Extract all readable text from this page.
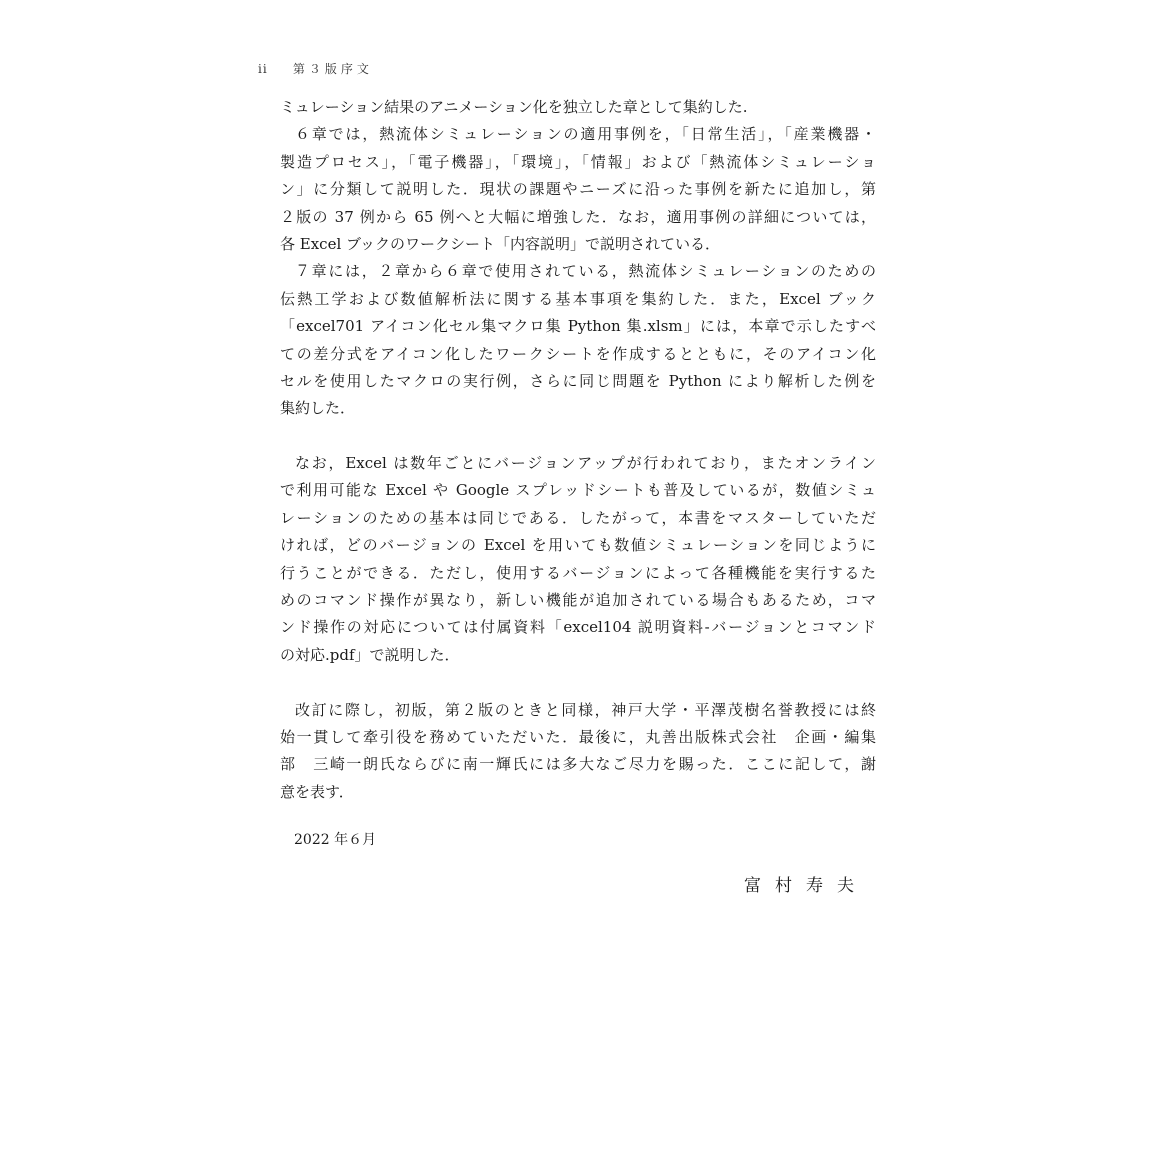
ii 第３版序文
ミュレーション結果のアニメーション化を独立した章として集約した.
６章では，熱流体シミュレーションの適用事例を，「日常生活」，「産業機器・
製造プロセス」，「電子機器」，「環境」，「情報」および「熱流体シミュレーショ
ン」に分類して説明した．現状の課題やニーズに沿った事例を新たに追加し，第
２版の 37 例から 65 例へと大幅に増強した．なお，適用事例の詳細については，
各 Excel ブックのワークシート「内容説明」で説明されている．
７章には，２章から６章で使用されている，熱流体シミュレーションのための
伝熱工学および数値解析法に関する基本事項を集約した．また，Excel ブック
「excel701 アイコン化セル集マクロ集 Python 集.xlsm」には，本章で示したすべ
ての差分式をアイコン化したワークシートを作成するとともに，そのアイコン化
セルを使用したマクロの実行例，さらに同じ問題を Python により解析した例を
集約した．
なお，Excel は数年ごとにバージョンアップが行われており，またオンライン
で利用可能な Excel や Google スプレッドシートも普及しているが，数値シミュ
レーションのための基本は同じである．したがって，本書をマスターしていただ
ければ，どのバージョンの Excel を用いても数値シミュレーションを同じように
行うことができる．ただし，使用するバージョンによって各種機能を実行するた
めのコマンド操作が異なり，新しい機能が追加されている場合もあるため，コマ
ンド操作の対応については付属資料「excel104 説明資料-バージョンとコマンド
の対応.pdf」で説明した．
改訂に際し，初版，第２版のときと同様，神戸大学・平澤茂樹名誉教授には終
始一貫して牽引役を務めていただいた．最後に，丸善出版株式会社　企画・編集
部　三崎一朗氏ならびに南一輝氏には多大なご尽力を賜った．ここに記して，謝
意を表す．
2022 年６月
富村寿夫
